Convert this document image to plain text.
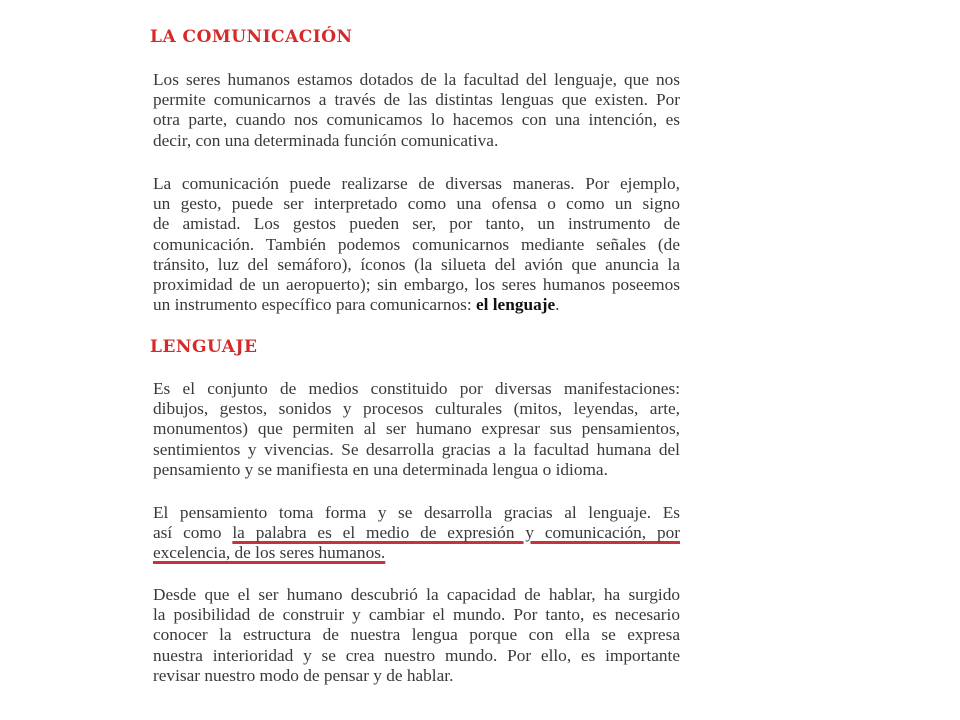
LA COMUNICACIÓN

Los seres humanos estamos dotados de la facultad del lenguaje, que nos
permite comunicarnos a través de las distintas lenguas que existen. Por
otra parte, cuando nos comunicamos lo hacemos con una intención, es
decir, con una determinada función comunicativa.

La comunicación puede realizarse de diversas maneras. Por ejemplo,
un gesto, puede ser interpretado como una ofensa o como un signo
de amistad. Los gestos pueden ser, por tanto, un instrumento de
comunicación. También podemos comunicarnos mediante señales (de
tránsito, luz del semáforo), íconos (la silueta del avión que anuncia la
proximidad de un aeropuerto); sin embargo, los seres humanos poseemos
un instrumento específico para comunicarnos: el lenguaje.

LENGUAJE

Es el conjunto de medios constituido por diversas manifestaciones:
dibujos, gestos, sonidos y procesos culturales (mitos, leyendas, arte,
monumentos) que permiten al ser humano expresar sus pensamientos,
sentimientos y vivencias. Se desarrolla gracias a la facultad humana del
pensamiento y se manifiesta en una determinada lengua o idioma.

El pensamiento toma forma y se desarrolla gracias al lenguaje. Es
así como la palabra es el medio de expresión y comunicación, por
excelencia, de los seres humanos.

Desde que el ser humano descubrió la capacidad de hablar, ha surgido
la posibilidad de construir y cambiar el mundo. Por tanto, es necesario
conocer la estructura de nuestra lengua porque con ella se expresa
nuestra interioridad y se crea nuestro mundo. Por ello, es importante
revisar nuestro modo de pensar y de hablar.
